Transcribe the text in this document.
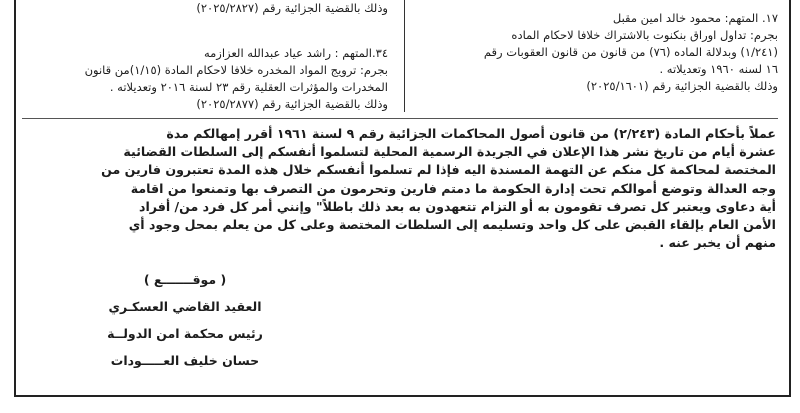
١٧. المتهم: محمود خالد امين مقبل
بجرم: تداول اوراق بنكنوت بالاشتراك خلافا لاحكام الماده
(١/٢٤١) وبدلالة الماده (٧٦) من قانون من قانون العقوبات رقم
١٦ لسنه ١٩٦٠ وتعديلاته .
وذلك بالقضية الجزائية رقم (٢٠٢٥/١٦٠١)
وذلك بالقضية الجزائية رقم (٢٠٢٥/٢٨٢٧)
٣٤.المتهم : راشد عياد عبدالله العزازمه
بجرم: ترويج المواد المخدره خلافا لاحكام المادة (١/١٥)من قانون
المخدرات والمؤثرات العقلية رقم ٢٣ لسنة ٢٠١٦ وتعديلاته .
وذلك بالقضية الجزائية رقم (٢٠٢٥/٢٨٧٧)
عملاً بأحكام المادة (٢/٢٤٣) من قانون أصول المحاكمات الجزائية رقم ٩ لسنة ١٩٦١ أقرر إمهالكم مدة
عشرة أيام من تاريخ نشر هذا الإعلان في الجريدة الرسمية المحلية لتسلموا أنفسكم إلى السلطات القضائية
المختصة لمحاكمة كل منكم عن التهمة المسندة اليه فإذا لم تسلموا أنفسكم خلال هذه المدة تعتبرون فارين من
وجه العدالة وتوضع أموالكم تحت إدارة الحكومة ما دمتم فارين وتحرمون من التصرف بها وتمنعوا من اقامة
أية دعاوى ويعتبر كل تصرف تقومون به أو التزام تتعهدون به بعد ذلك باطلاً" وإنني أمر كل فرد من/ أفراد
الأمن العام بإلقاء القبض على كل واحد وتسليمه إلى السلطات المختصة وعلى كل من يعلم بمحل وجود أي
منهم أن يخبر عنه .
( موقـــــــع )
العقيد القاضي العسكـري
رئيس محكمة امن الدولــة
حسان خليف العـــــودات
